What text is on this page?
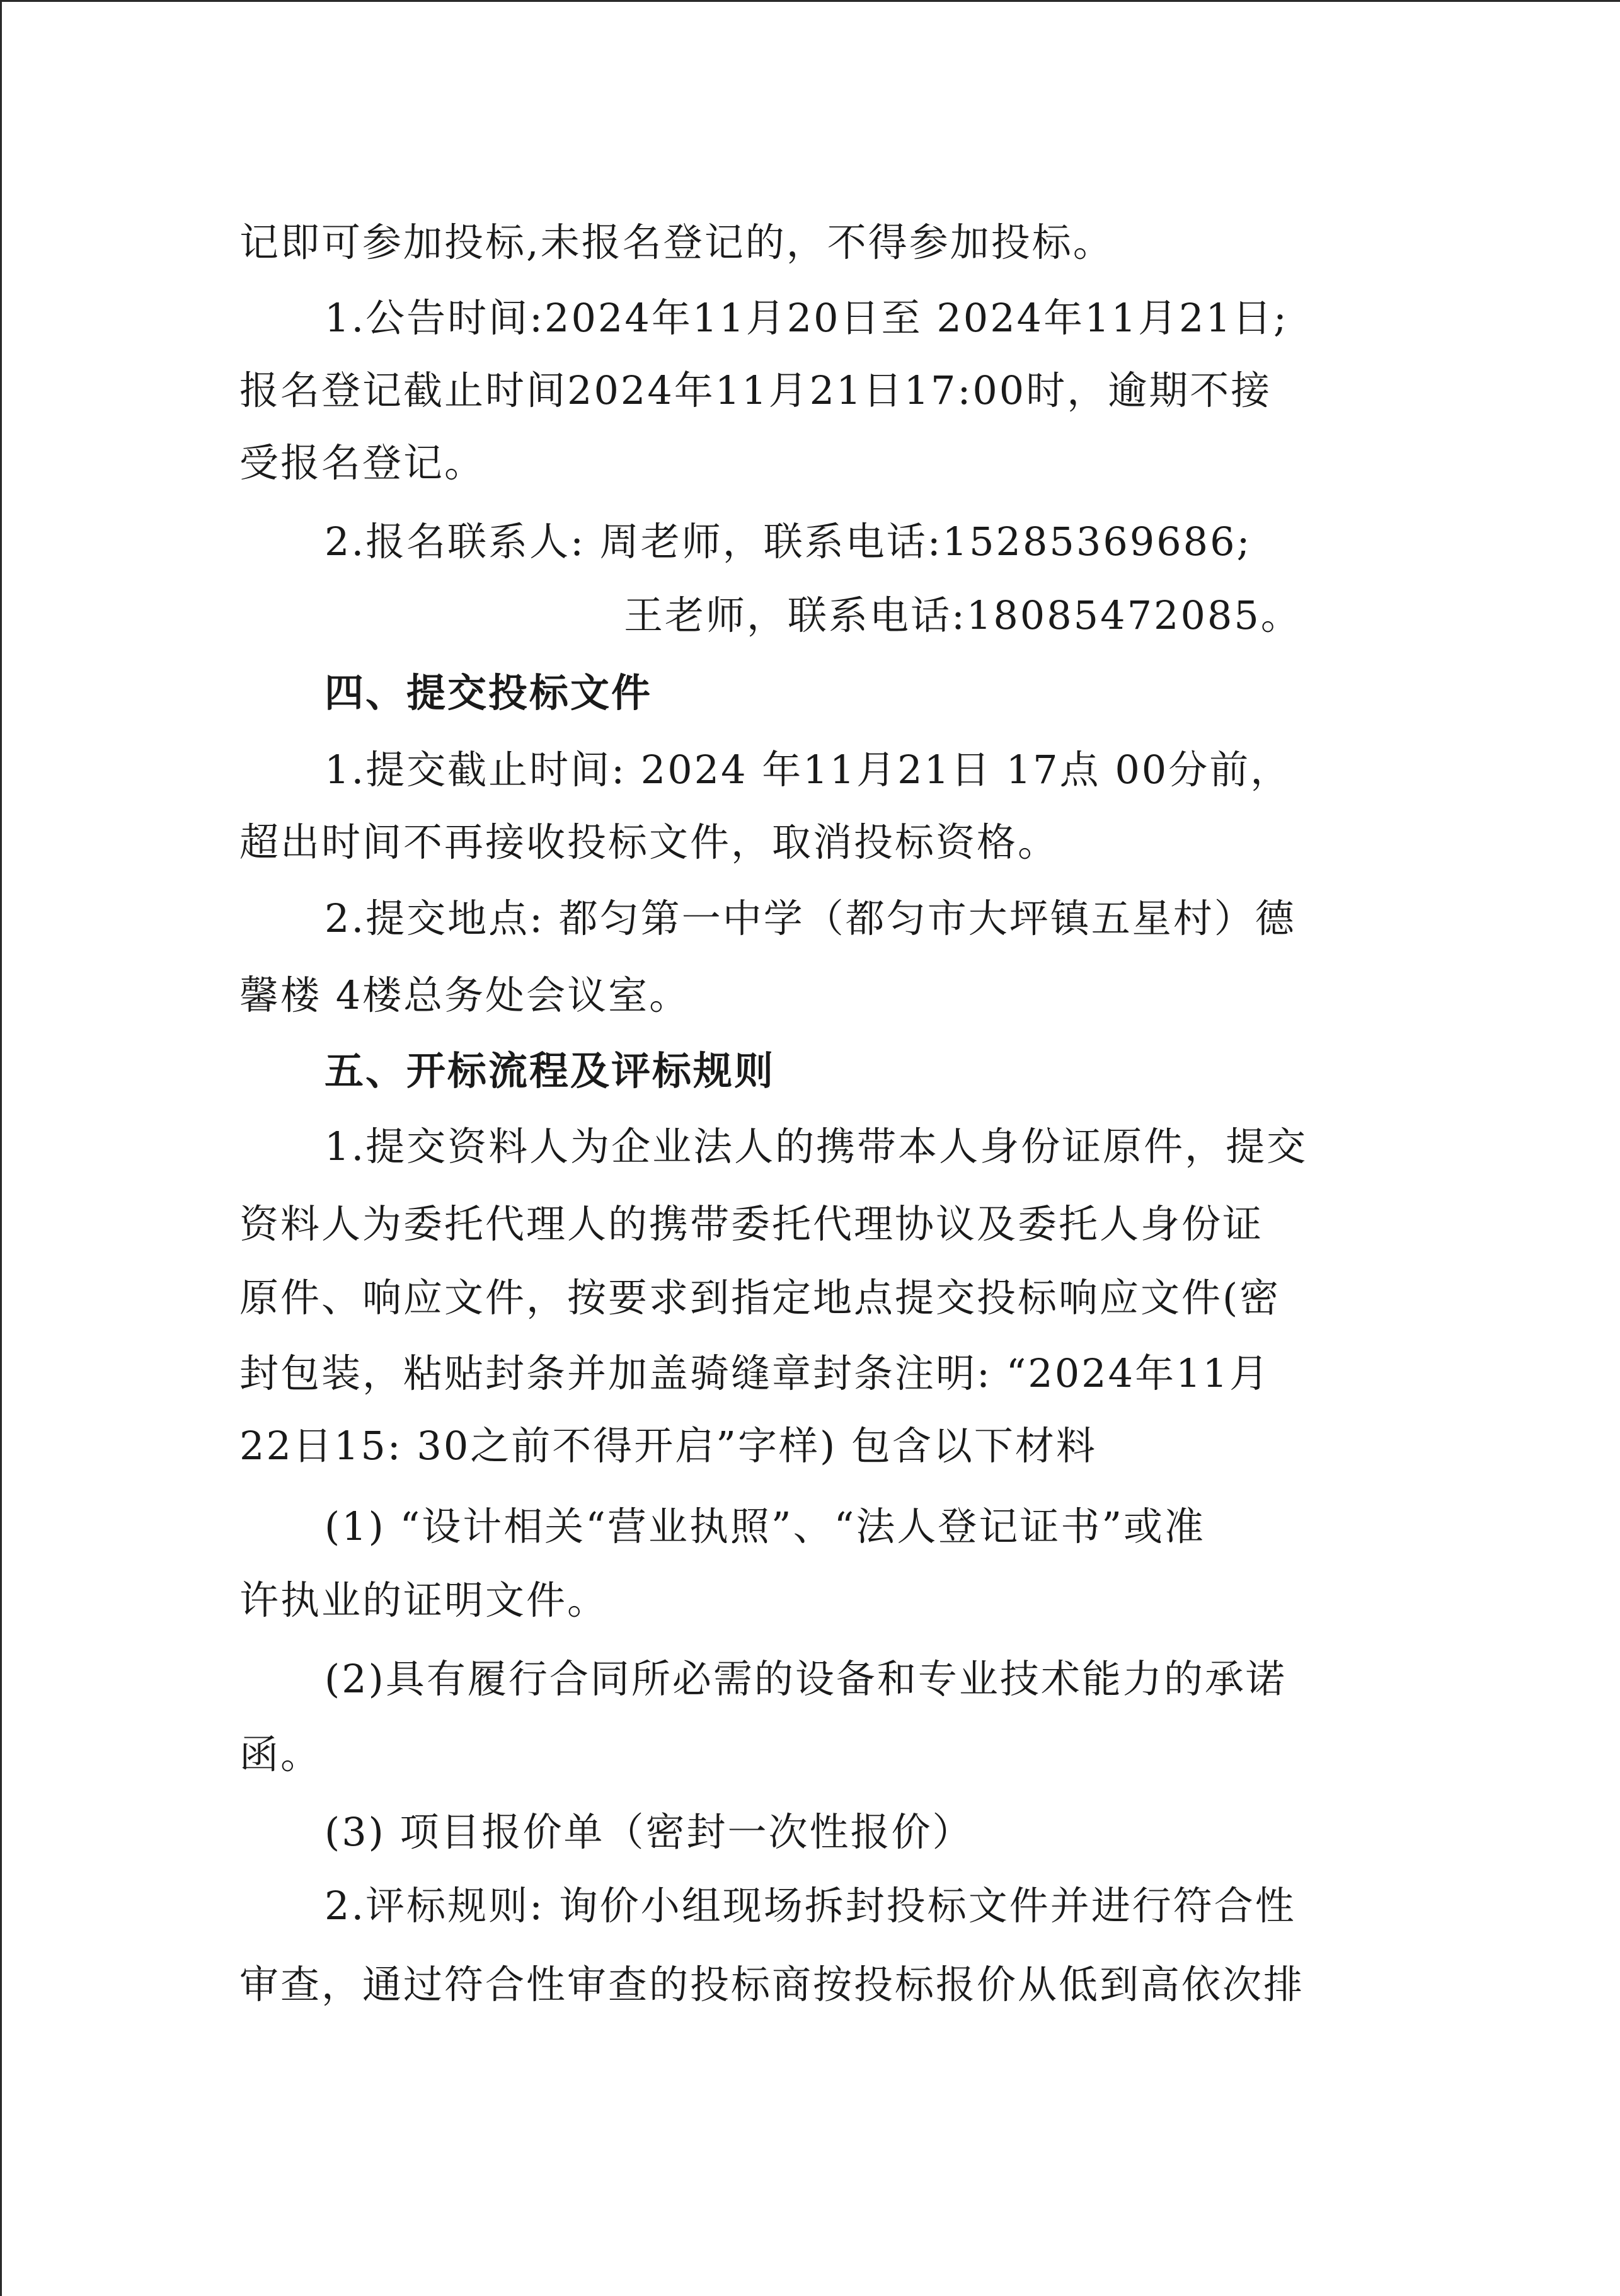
记即可参加投标,未报名登记的，不得参加投标。
1.公告时间:2024年11月20日至 2024年11月21日;
报名登记截止时间2024年11月21日17:00时，逾期不接
受报名登记。
2.报名联系人: 周老师，联系电话:15285369686;
王老师，联系电话:18085472085。
四、提交投标文件
1.提交截止时间: 2024 年11月21日 17点 00分前，
超出时间不再接收投标文件，取消投标资格。
2.提交地点: 都匀第一中学（都匀市大坪镇五星村）德
馨楼 4楼总务处会议室。
五、开标流程及评标规则
1.提交资料人为企业法人的携带本人身份证原件，提交
资料人为委托代理人的携带委托代理协议及委托人身份证
原件、响应文件，按要求到指定地点提交投标响应文件(密
封包装，粘贴封条并加盖骑缝章封条注明: “2024年11月
22日15: 30之前不得开启”字样) 包含以下材料
(1) “设计相关“营业执照”、“法人登记证书”或准
许执业的证明文件。
(2)具有履行合同所必需的设备和专业技术能力的承诺
函。
(3) 项目报价单（密封一次性报价）
2.评标规则: 询价小组现场拆封投标文件并进行符合性
审查，通过符合性审查的投标商按投标报价从低到高依次排
